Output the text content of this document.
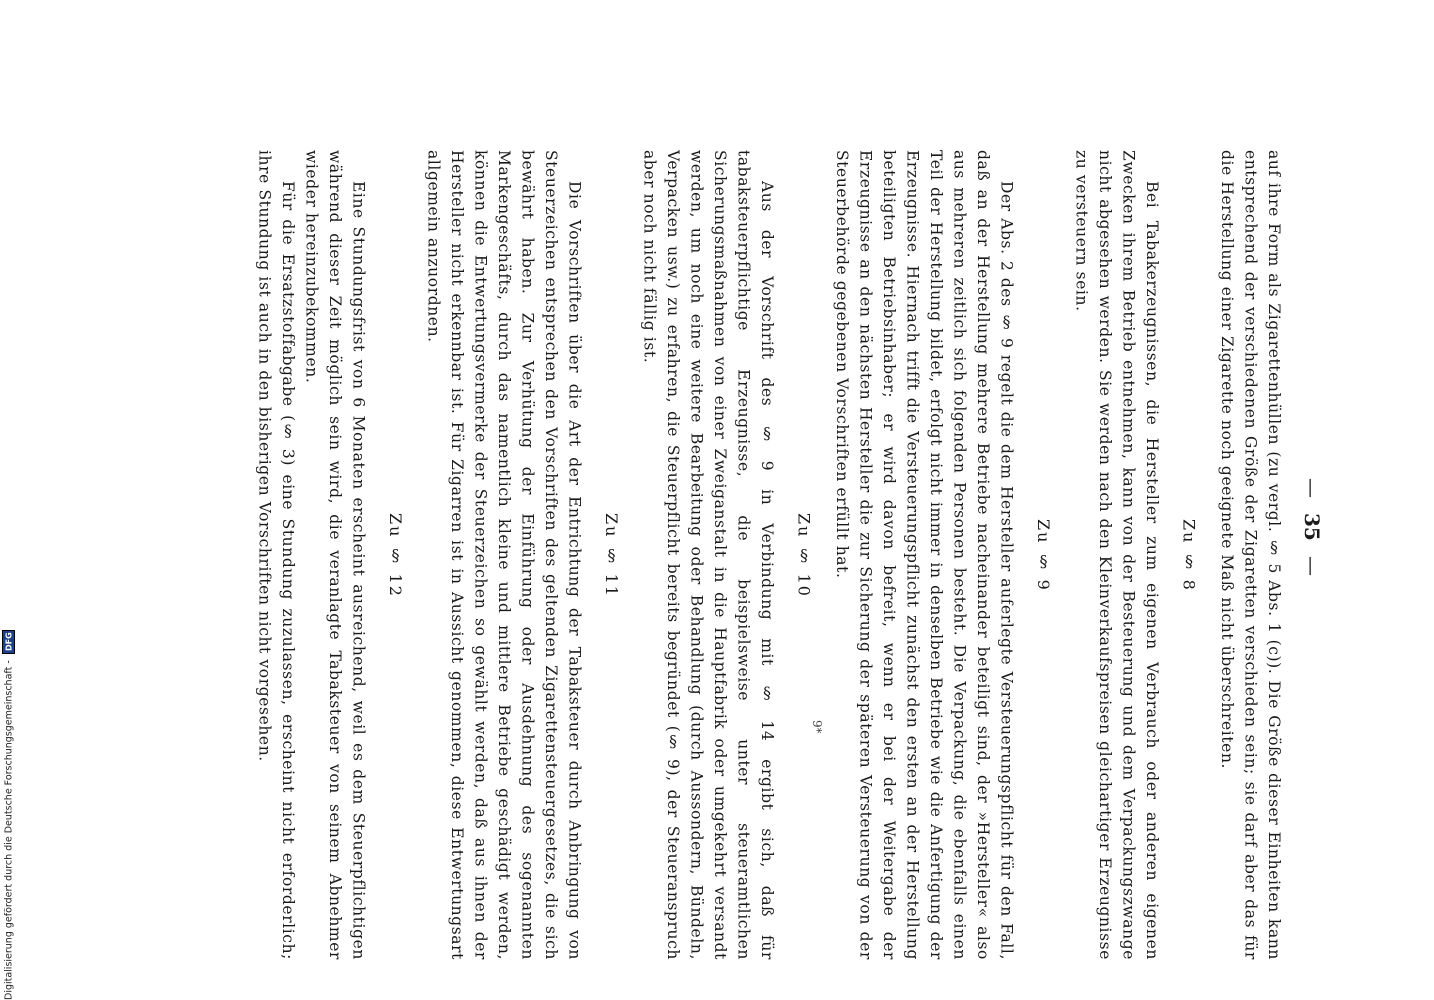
— 35 —

auf ihre Form als Zigarettenhüllen (zu vergl. § 5 Abs. 1 (c)). Die Größe dieser Einheiten kann entsprechend der verschiedenen Größe der Zigaretten verschieden sein; sie darf aber das für die Herstellung einer Zigarette noch geeignete Maß nicht überschreiten.

Zu § 8

Bei Tabakerzeugnissen, die Hersteller zum eigenen Verbrauch oder anderen eigenen Zwecken ihrem Betrieb entnehmen, kann von der Besteuerung und dem Verpackungszwange nicht abgesehen werden. Sie werden nach den Kleinverkaufspreisen gleichartiger Erzeugnisse zu versteuern sein.

Zu § 9

Der Abs. 2 des § 9 regelt die dem Hersteller auferlegte Versteuerungspflicht für den Fall, daß an der Herstellung mehrere Betriebe nacheinander beteiligt sind, der »Hersteller« also aus mehreren zeitlich sich folgenden Personen besteht. Die Verpackung, die ebenfalls einen Teil der Herstellung bildet, erfolgt nicht immer in denselben Betriebe wie die Anfertigung der Erzeugnisse. Hiernach trifft die Versteuerungspflicht zunächst den ersten an der Herstellung beteiligten Betriebsinhaber; er wird davon befreit, wenn er bei der Weitergabe der Erzeugnisse an den nächsten Hersteller die zur Sicherung der späteren Versteuerung von der Steuerbehörde gegebenen Vorschriften erfüllt hat.

Zu § 10

Aus der Vorschrift des § 9 in Verbindung mit § 14 ergibt sich, daß für tabaksteuerpflichtige Erzeugnisse, die beispielsweise unter steueramtlichen Sicherungsmaßnahmen von einer Zweiganstalt in die Hauptfabrik oder umgekehrt versandt werden, um noch eine weitere Bearbeitung oder Behandlung (durch Aussondern, Bündeln, Verpacken usw.) zu erfahren, die Steuerpflicht bereits begründet (§ 9), der Steueranspruch aber noch nicht fällig ist.

Zu § 11

Die Vorschriften über die Art der Entrichtung der Tabaksteuer durch Anbringung von Steuerzeichen entsprechen den Vorschriften des geltenden Zigarettensteuergesetzes, die sich bewährt haben. Zur Verhütung der Einführung oder Ausdehnung des sogenannten Markengeschäfts, durch das namentlich kleine und mittlere Betriebe geschädigt werden, können die Entwertungsvermerke der Steuerzeichen so gewählt werden, daß aus ihnen der Hersteller nicht erkennbar ist. Für Zigarren ist in Aussicht genommen, diese Entwertungsart allgemein anzuordnen.

Zu § 12

Eine Stundungsfrist von 6 Monaten erscheint ausreichend, weil es dem Steuerpflichtigen während dieser Zeit möglich sein wird, die veranlagte Tabaksteuer von seinem Abnehmer wieder hereinzubekommen.

Für die Ersatzstoffabgabe (§ 3) eine Stundung zuzulassen, erscheint nicht erforderlich; ihre Stundung ist auch in den bisherigen Vorschriften nicht vorgesehen.	9*
Digitalisierung gefördert durch die Deutsche Forschungsgemeinschaft -
DFG
